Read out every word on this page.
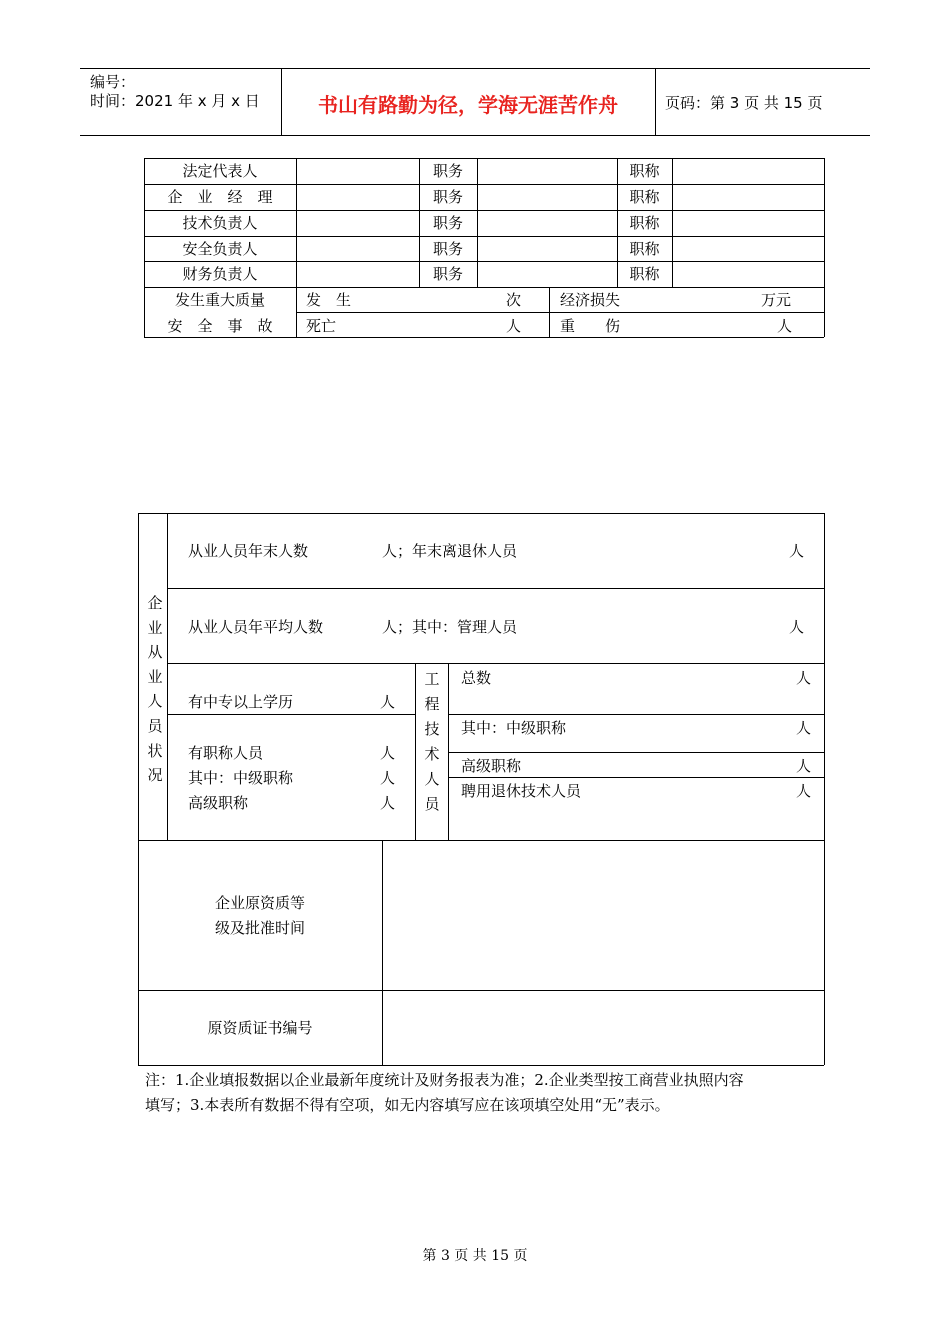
编号：
时间：2021 年 x 月 x 日	书山有路勤为径，学海无涯苦作舟	页码：第 3 页 共 15 页
法定代表人	职务	职称
企　业　经　理	职务	职称
技术负责人	职务	职称
安全负责人	职务	职称
财务负责人	职务	职称
发生重大质量
安　全　事　故
发　生	次	经济损失	万元
死亡	人	重　　伤	人
企
业
从
业
人
员
状
况
从业人员年末人数	人；年末离退休人员	人
从业人员年平均人数	人；其中：管理人员	人
有中专以上学历	人
有职称人员	人
其中：中级职称	人
高级职称	人
工
程
技
术
人
员
总数	人
其中：中级职称	人
高级职称	人
聘用退休技术人员	人
企业原资质等
级及批准时间
原资质证书编号
注：1.企业填报数据以企业最新年度统计及财务报表为准；2.企业类型按工商营业执照内容
填写；3.本表所有数据不得有空项，如无内容填写应在该项填空处用“无”表示。
第 3 页 共 15 页
